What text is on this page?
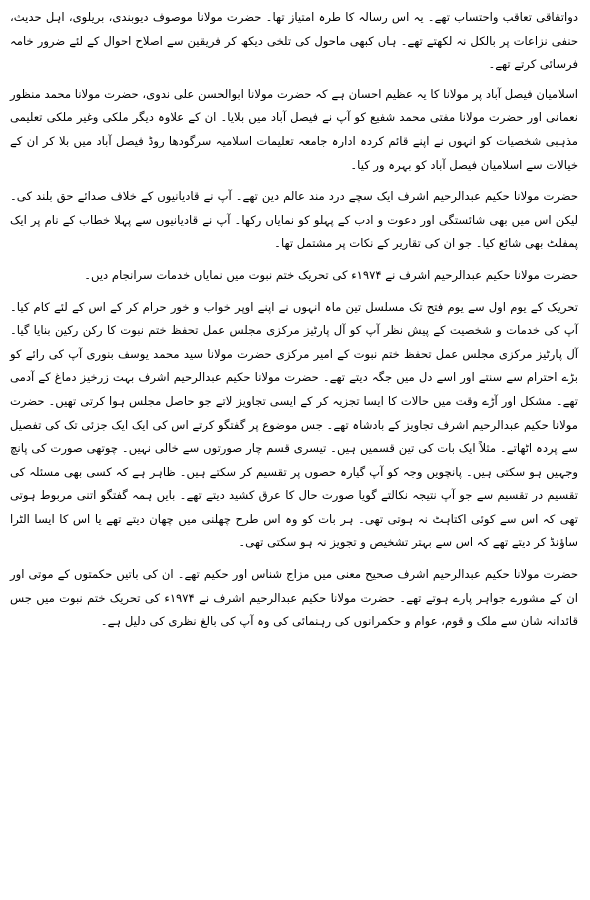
دواتفاقی تعاقب واحتساب تھے۔ یہ اس رسالہ کا طرہ امتیاز تھا۔ حضرت مولانا موصوف دیوبندی، بریلوی، اہل حدیث، حنفی نزاعات پر بالکل نہ لکھتے تھے۔ ہاں کبھی ماحول کی تلخی دیکھ کر فریقین سے اصلاح احوال کے لئے ضرور خامہ فرسائی کرتے تھے۔

اسلامیان فیصل آباد پر مولانا کا یہ عظیم احسان ہے کہ حضرت مولانا ابوالحسن علی ندوی، حضرت مولانا محمد منظور نعمانی اور حضرت مولانا مفتی محمد شفیع کو آپ نے فیصل آباد میں بلایا۔ ان کے علاوہ دیگر ملکی وغیر ملکی تعلیمی مذہبی شخصیات کو انہوں نے اپنے قائم کردہ ادارہ جامعہ تعلیمات اسلامیہ سرگودھا روڈ فیصل آباد میں بلا کر ان کے خیالات سے اسلامیان فیصل آباد کو بہرہ ور کیا۔

حضرت مولانا حکیم عبدالرحیم اشرف ایک سچے درد مند عالم دین تھے۔ آپ نے قادیانیوں کے خلاف صدائے حق بلند کی۔ لیکن اس میں بھی شائستگی اور دعوت و ادب کے پہلو کو نمایاں رکھا۔ آپ نے قادیانیوں سے پہلا خطاب کے نام پر ایک پمفلٹ بھی شائع کیا۔ جو ان کی تقاریر کے نکات پر مشتمل تھا۔

حضرت مولانا حکیم عبدالرحیم اشرف نے ۱۹۷۴ء کی تحریک ختم نبوت میں نمایاں خدمات سرانجام دیں۔

تحریک کے یوم اول سے یوم فتح تک مسلسل تین ماہ انہوں نے اپنے اوپر خواب و خور حرام کر کے اس کے لئے کام کیا۔ آپ کی خدمات و شخصیت کے پیش نظر آپ کو آل پارٹیز مرکزی مجلس عمل تحفظ ختم نبوت کا رکن رکین بنایا گیا۔ آل پارٹیز مرکزی مجلس عمل تحفظ ختم نبوت کے امیر مرکزی حضرت مولانا سید محمد یوسف بنوری آپ کی رائے کو بڑے احترام سے سنتے اور اسے دل میں جگہ دیتے تھے۔ حضرت مولانا حکیم عبدالرحیم اشرف بہت زرخیز دماغ کے آدمی تھے۔ مشکل اور آڑے وقت میں حالات کا ایسا تجزیہ کر کے ایسی تجاویز لاتے جو حاصل مجلس ہوا کرتی تھیں۔ حضرت مولانا حکیم عبدالرحیم اشرف تجاویز کے بادشاہ تھے۔ جس موضوع پر گفتگو کرتے اس کی ایک ایک جزئی تک کی تفصیل سے پردہ اٹھاتے۔ مثلاً ایک بات کی تین قسمیں ہیں۔ تیسری قسم چار صورتوں سے خالی نہیں۔ چوتھی صورت کی پانچ وجہیں ہو سکتی ہیں۔ پانچویں وجہ کو آپ گیارہ حصوں پر تقسیم کر سکتے ہیں۔ ظاہر ہے کہ کسی بھی مسئلہ کی تقسیم در تقسیم سے جو آپ نتیجہ نکالتے گویا صورت حال کا عرق کشید دیتے تھے۔ بایں ہمہ گفتگو اتنی مربوط ہوتی تھی کہ اس سے کوئی اکتاہٹ نہ ہوتی تھی۔ ہر بات کو وہ اس طرح چھلنی میں چھان دیتے تھے یا اس کا ایسا الٹرا ساؤنڈ کر دیتے تھے کہ اس سے بہتر تشخیص و تجویز نہ ہو سکتی تھی۔

حضرت مولانا حکیم عبدالرحیم اشرف صحیح معنی میں مزاج شناس اور حکیم تھے۔ ان کی باتیں حکمتوں کے موتی اور ان کے مشورے جواہر پارے ہوتے تھے۔ حضرت مولانا حکیم عبدالرحیم اشرف نے ۱۹۷۴ء کی تحریک ختم نبوت میں جس قائدانہ شان سے ملک و قوم، عوام و حکمرانوں کی رہنمائی کی وہ آپ کی بالغ نظری کی دلیل ہے۔
